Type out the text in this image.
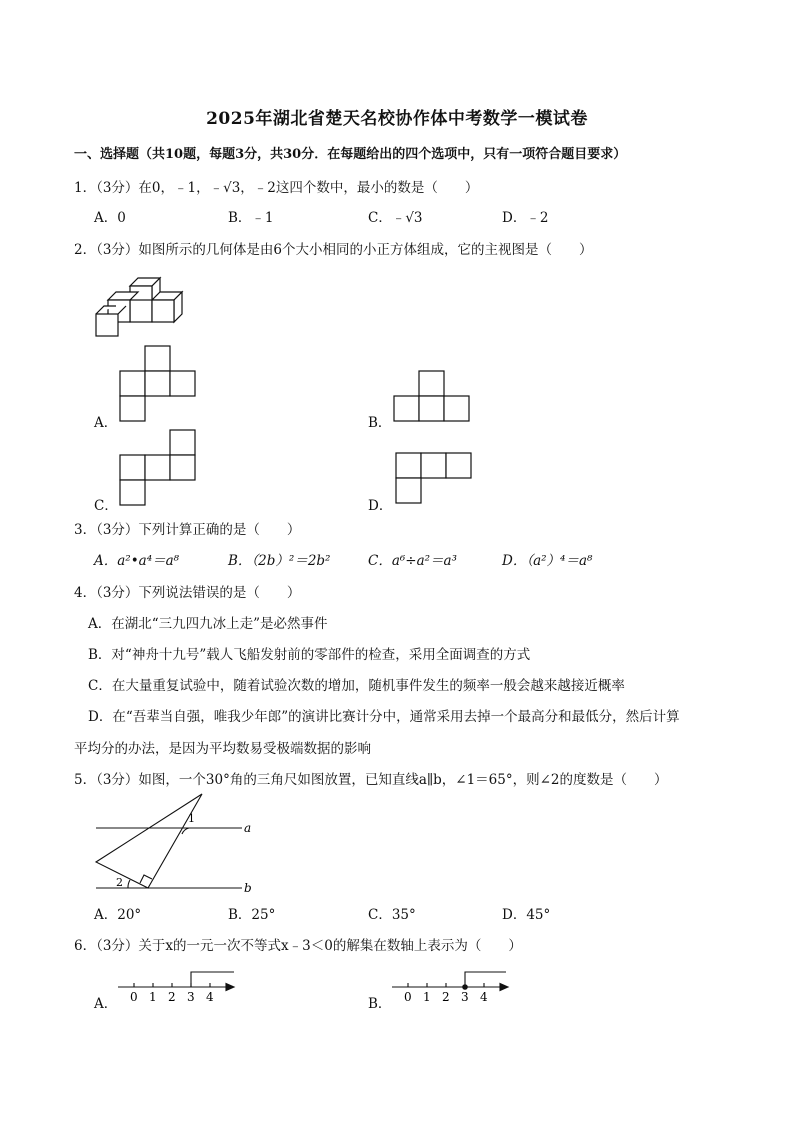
2025年湖北省楚天名校协作体中考数学一模试卷
一、选择题（共10题，每题3分，共30分．在每题给出的四个选项中，只有一项符合题目要求）
1．（3分）在0，﹣1，﹣√3，﹣2这四个数中，最小的数是（　　）
A．0	B．﹣1	C．﹣√3	D．﹣2
2．（3分）如图所示的几何体是由6个大小相同的小正方体组成，它的主视图是（　　）
A．	B．
C．	D．
3．（3分）下列计算正确的是（　　）
A．a²•a⁴＝a⁸	B．（2b）²＝2b²	C．a⁶÷a²＝a³	D．（a²）⁴＝a⁸
4．（3分）下列说法错误的是（　　）
A．在湖北“三九四九冰上走”是必然事件
B．对“神舟十九号”载人飞船发射前的零部件的检查，采用全面调查的方式
C．在大量重复试验中，随着试验次数的增加，随机事件发生的频率一般会越来越接近概率
D．在“吾辈当自强，唯我少年郎”的演讲比赛计分中，通常采用去掉一个最高分和最低分，然后计算
平均分的办法，是因为平均数易受极端数据的影响
5．（3分）如图，一个30°角的三角尺如图放置，已知直线a∥b，∠1＝65°，则∠2的度数是（　　）
1
2
a
b
A．20°	B．25°	C．35°	D．45°
6．（3分）关于x的一元一次不等式x﹣3＜0的解集在数轴上表示为（　　）
0 1 2 3 4
A．	0 1 2 3 4
B．
